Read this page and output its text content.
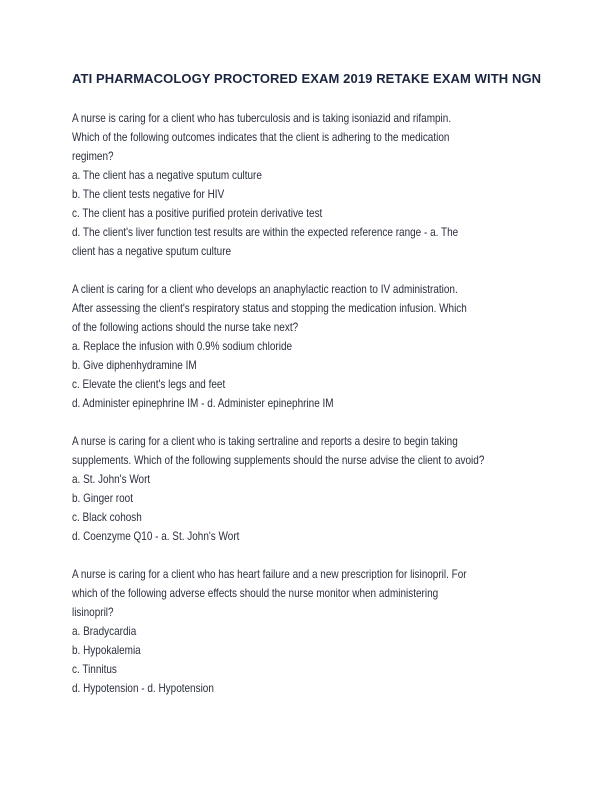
ATI PHARMACOLOGY PROCTORED EXAM 2019 RETAKE EXAM WITH NGN
A nurse is caring for a client who has tuberculosis and is taking isoniazid and rifampin.
Which of the following outcomes indicates that the client is adhering to the medication
regimen?
a. The client has a negative sputum culture
b. The client tests negative for HIV
c. The client has a positive purified protein derivative test
d. The client's liver function test results are within the expected reference range - a. The
client has a negative sputum culture
A client is caring for a client who develops an anaphylactic reaction to IV administration.
After assessing the client's respiratory status and stopping the medication infusion. Which
of the following actions should the nurse take next?
a. Replace the infusion with 0.9% sodium chloride
b. Give diphenhydramine IM
c. Elevate the client's legs and feet
d. Administer epinephrine IM - d. Administer epinephrine IM
A nurse is caring for a client who is taking sertraline and reports a desire to begin taking
supplements. Which of the following supplements should the nurse advise the client to avoid?
a. St. John's Wort
b. Ginger root
c. Black cohosh
d. Coenzyme Q10 - a. St. John's Wort
A nurse is caring for a client who has heart failure and a new prescription for lisinopril. For
which of the following adverse effects should the nurse monitor when administering
lisinopril?
a. Bradycardia
b. Hypokalemia
c. Tinnitus
d. Hypotension - d. Hypotension
